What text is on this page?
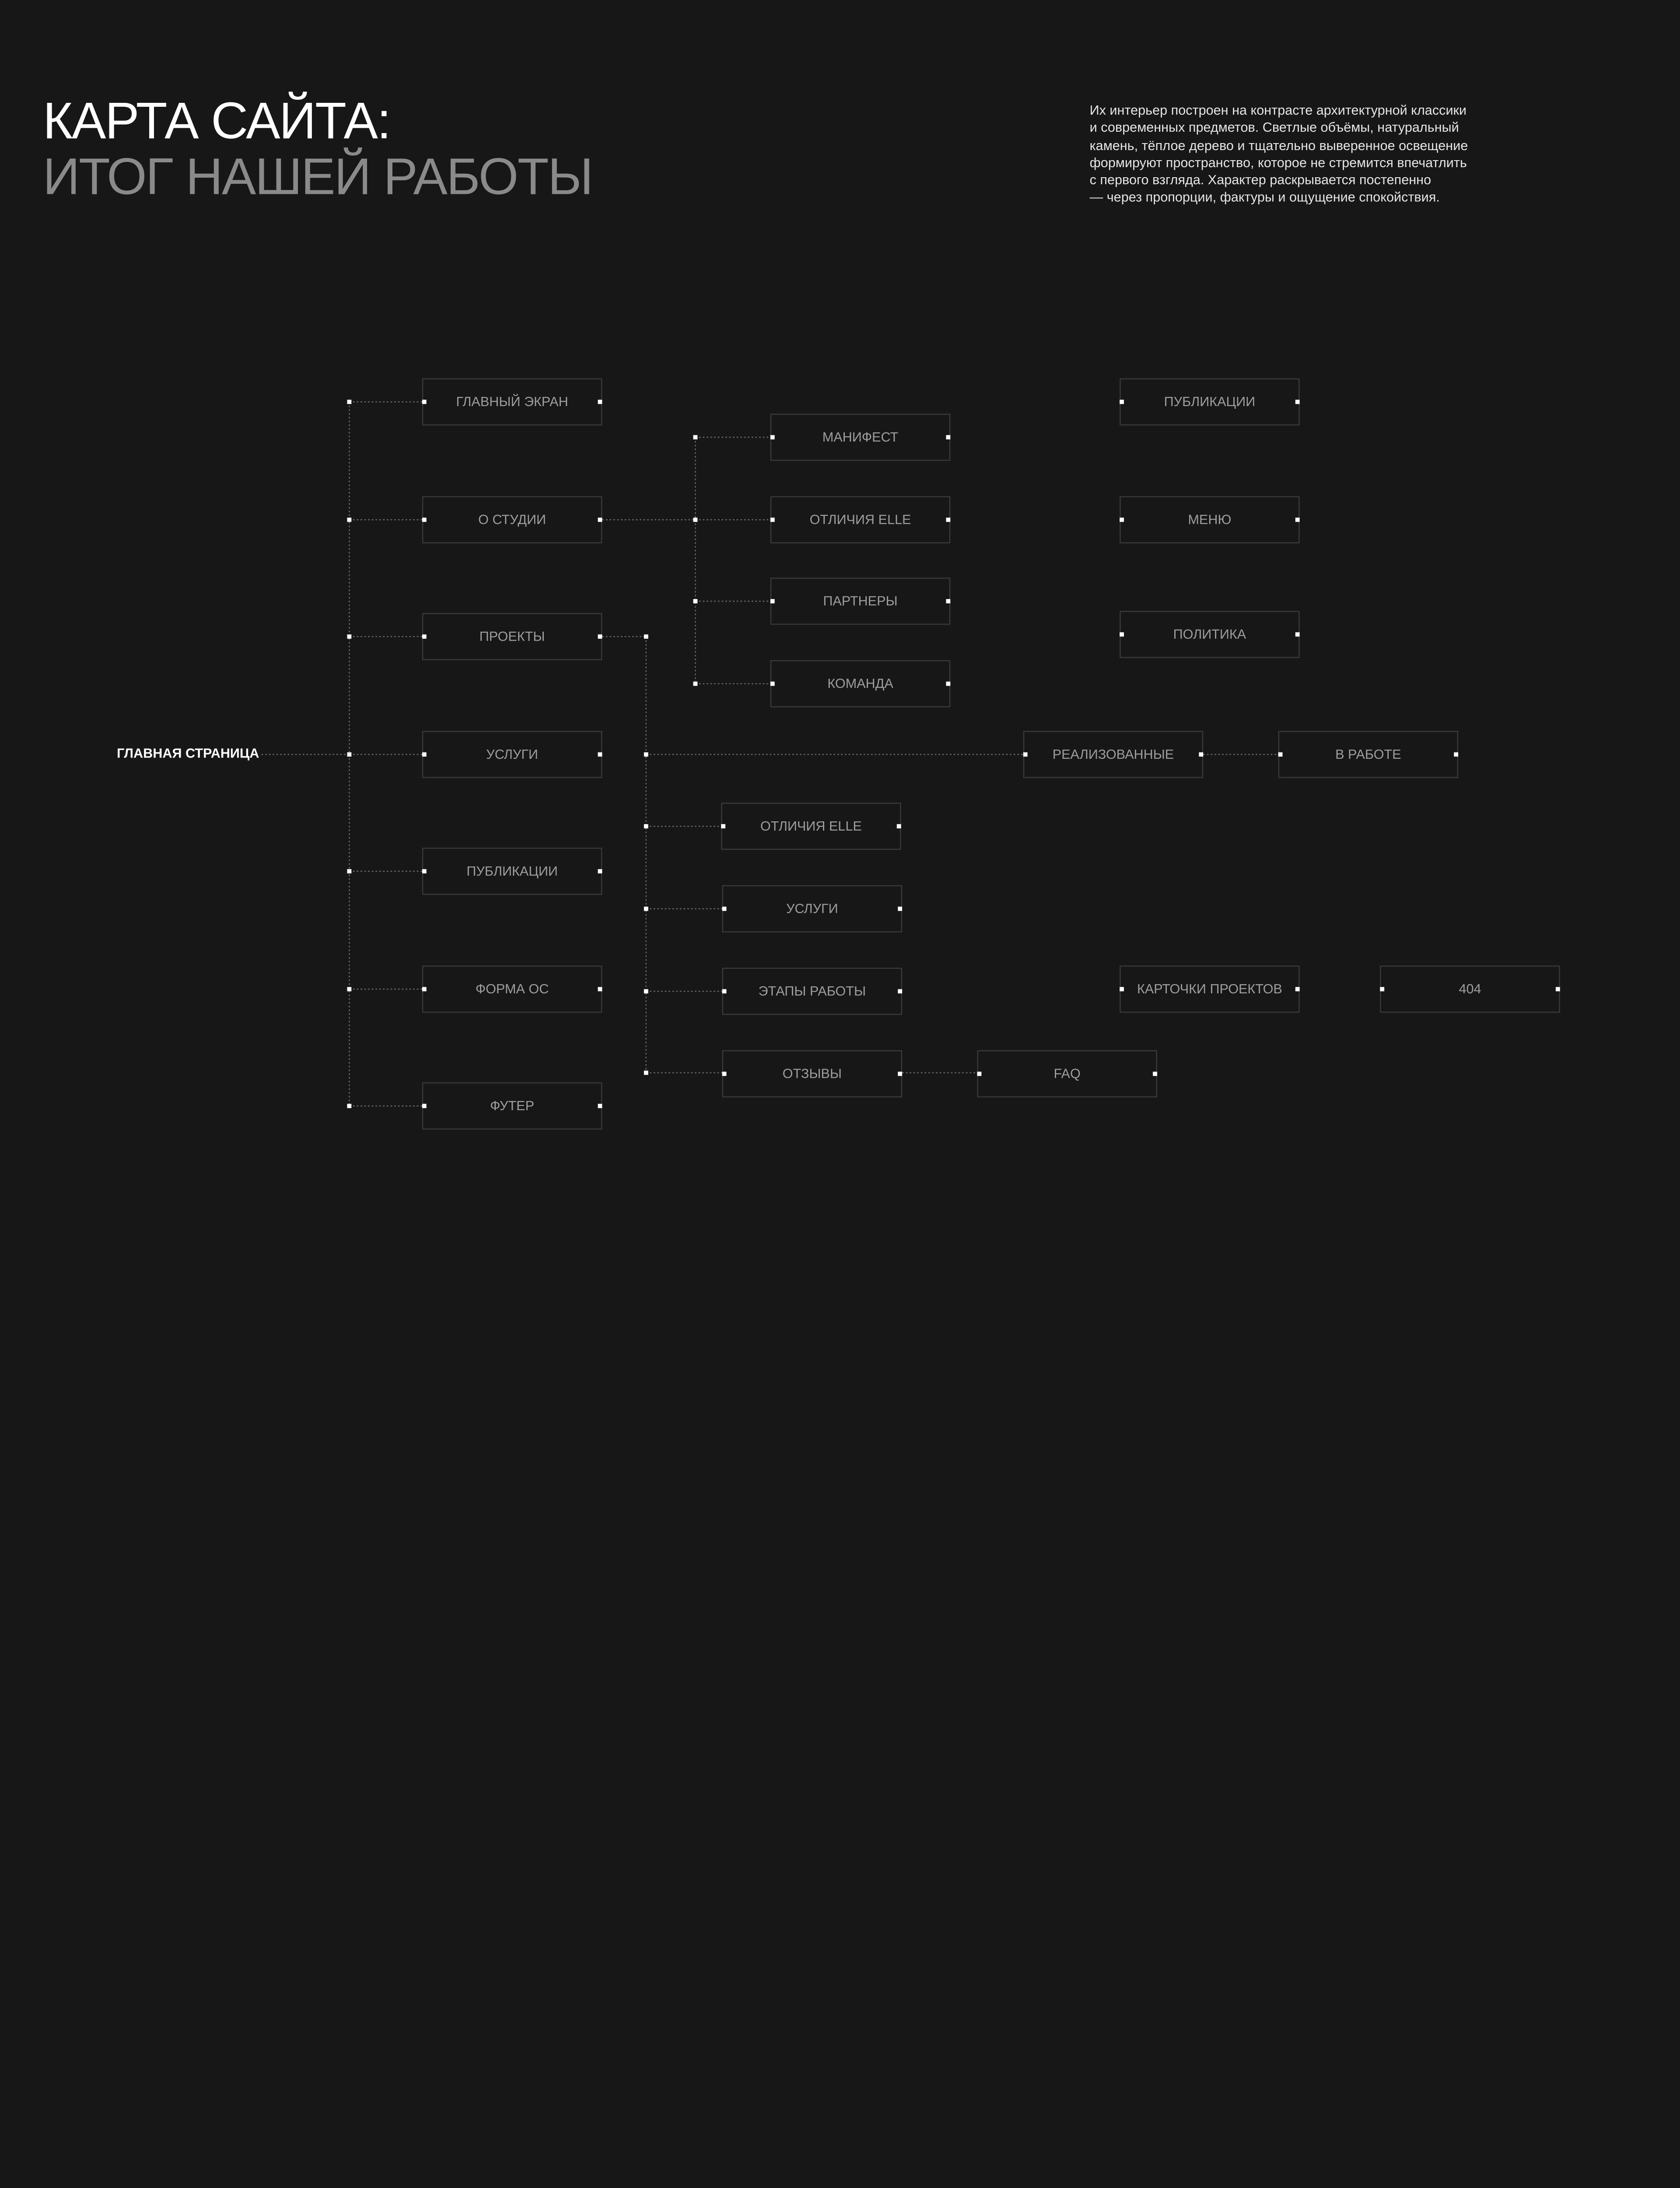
КАРТА САЙТА:
ИТОГ НАШЕЙ РАБОТЫ
Их интерьер построен на контрасте архитектурной классики
и современных предметов. Светлые объёмы, натуральный
камень, тёплое дерево и тщательно выверенное освещение
формируют пространство, которое не стремится впечатлить
с первого взгляда. Характер раскрывается постепенно
— через пропорции, фактуры и ощущение спокойствия.
ГЛАВНАЯ СТРАНИЦА
ГЛАВНЫЙ ЭКРАН
О СТУДИИ
ПРОЕКТЫ
УСЛУГИ
ПУБЛИКАЦИИ
ФОРМА ОС
ФУТЕР
МАНИФЕСТ
ОТЛИЧИЯ ELLE
ПАРТНЕРЫ
КОМАНДА
РЕАЛИЗОВАННЫЕ	В РАБОТЕ
ОТЛИЧИЯ ELLE
УСЛУГИ
ЭТАПЫ РАБОТЫ
ОТЗЫВЫ	FAQ
ПУБЛИКАЦИИ
МЕНЮ
ПОЛИТИКА
КАРТОЧКИ ПРОЕКТОВ	404
